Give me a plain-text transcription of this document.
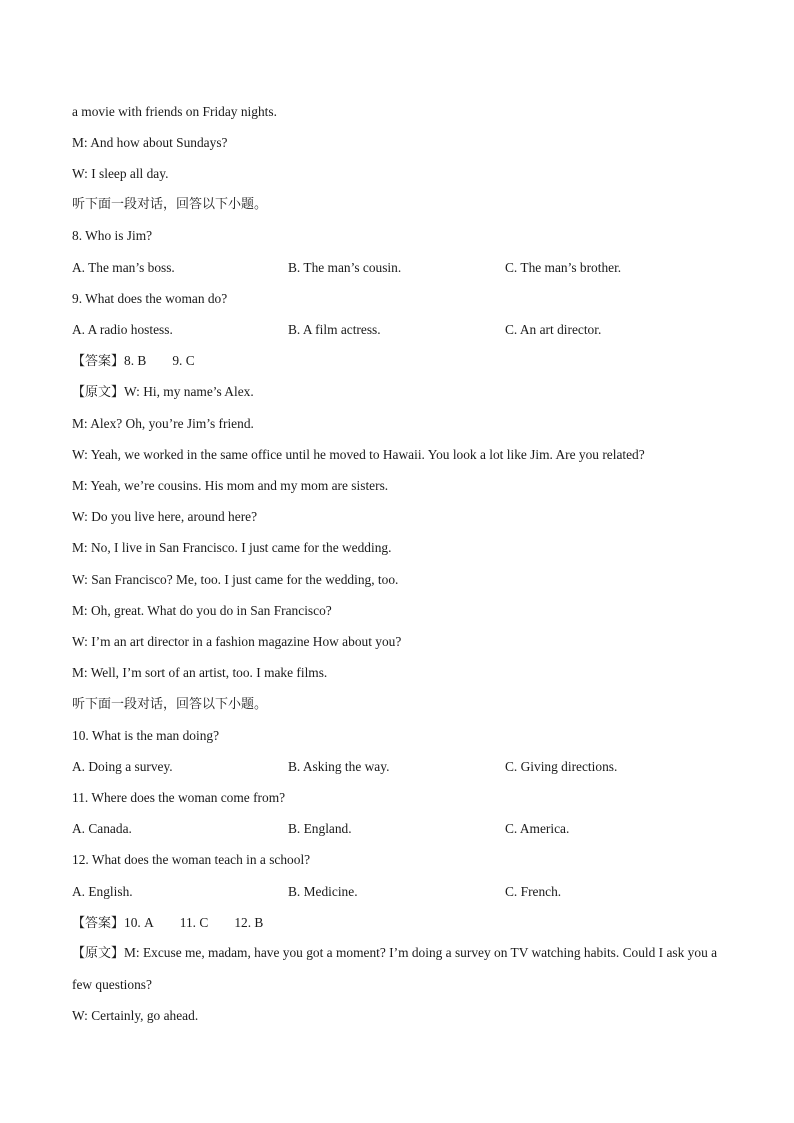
a movie with friends on Friday nights.
M: And how about Sundays?
W: I sleep all day.
听下面一段对话，回答以下小题。
8. Who is Jim?
A. The man’s boss.	B. The man’s cousin.	C. The man’s brother.
9. What does the woman do?
A. A radio hostess.	B. A film actress.	C. An art director.
【答案】8. B 9. C
【原文】W: Hi, my name’s Alex.
M: Alex? Oh, you’re Jim’s friend.
W: Yeah, we worked in the same office until he moved to Hawaii. You look a lot like Jim. Are you related?
M: Yeah, we’re cousins. His mom and my mom are sisters.
W: Do you live here, around here?
M: No, I live in San Francisco. I just came for the wedding.
W: San Francisco? Me, too. I just came for the wedding, too.
M: Oh, great. What do you do in San Francisco?
W: I’m an art director in a fashion magazine How about you?
M: Well, I’m sort of an artist, too. I make films.
听下面一段对话，回答以下小题。
10. What is the man doing?
A. Doing a survey.	B. Asking the way.	C. Giving directions.
11. Where does the woman come from?
A. Canada.	B. England.	C. America.
12. What does the woman teach in a school?
A. English.	B. Medicine.	C. French.
【答案】10. A 11. C 12. B
【原文】M: Excuse me, madam, have you got a moment? I’m doing a survey on TV watching habits. Could I ask you a few questions?
W: Certainly, go ahead.
